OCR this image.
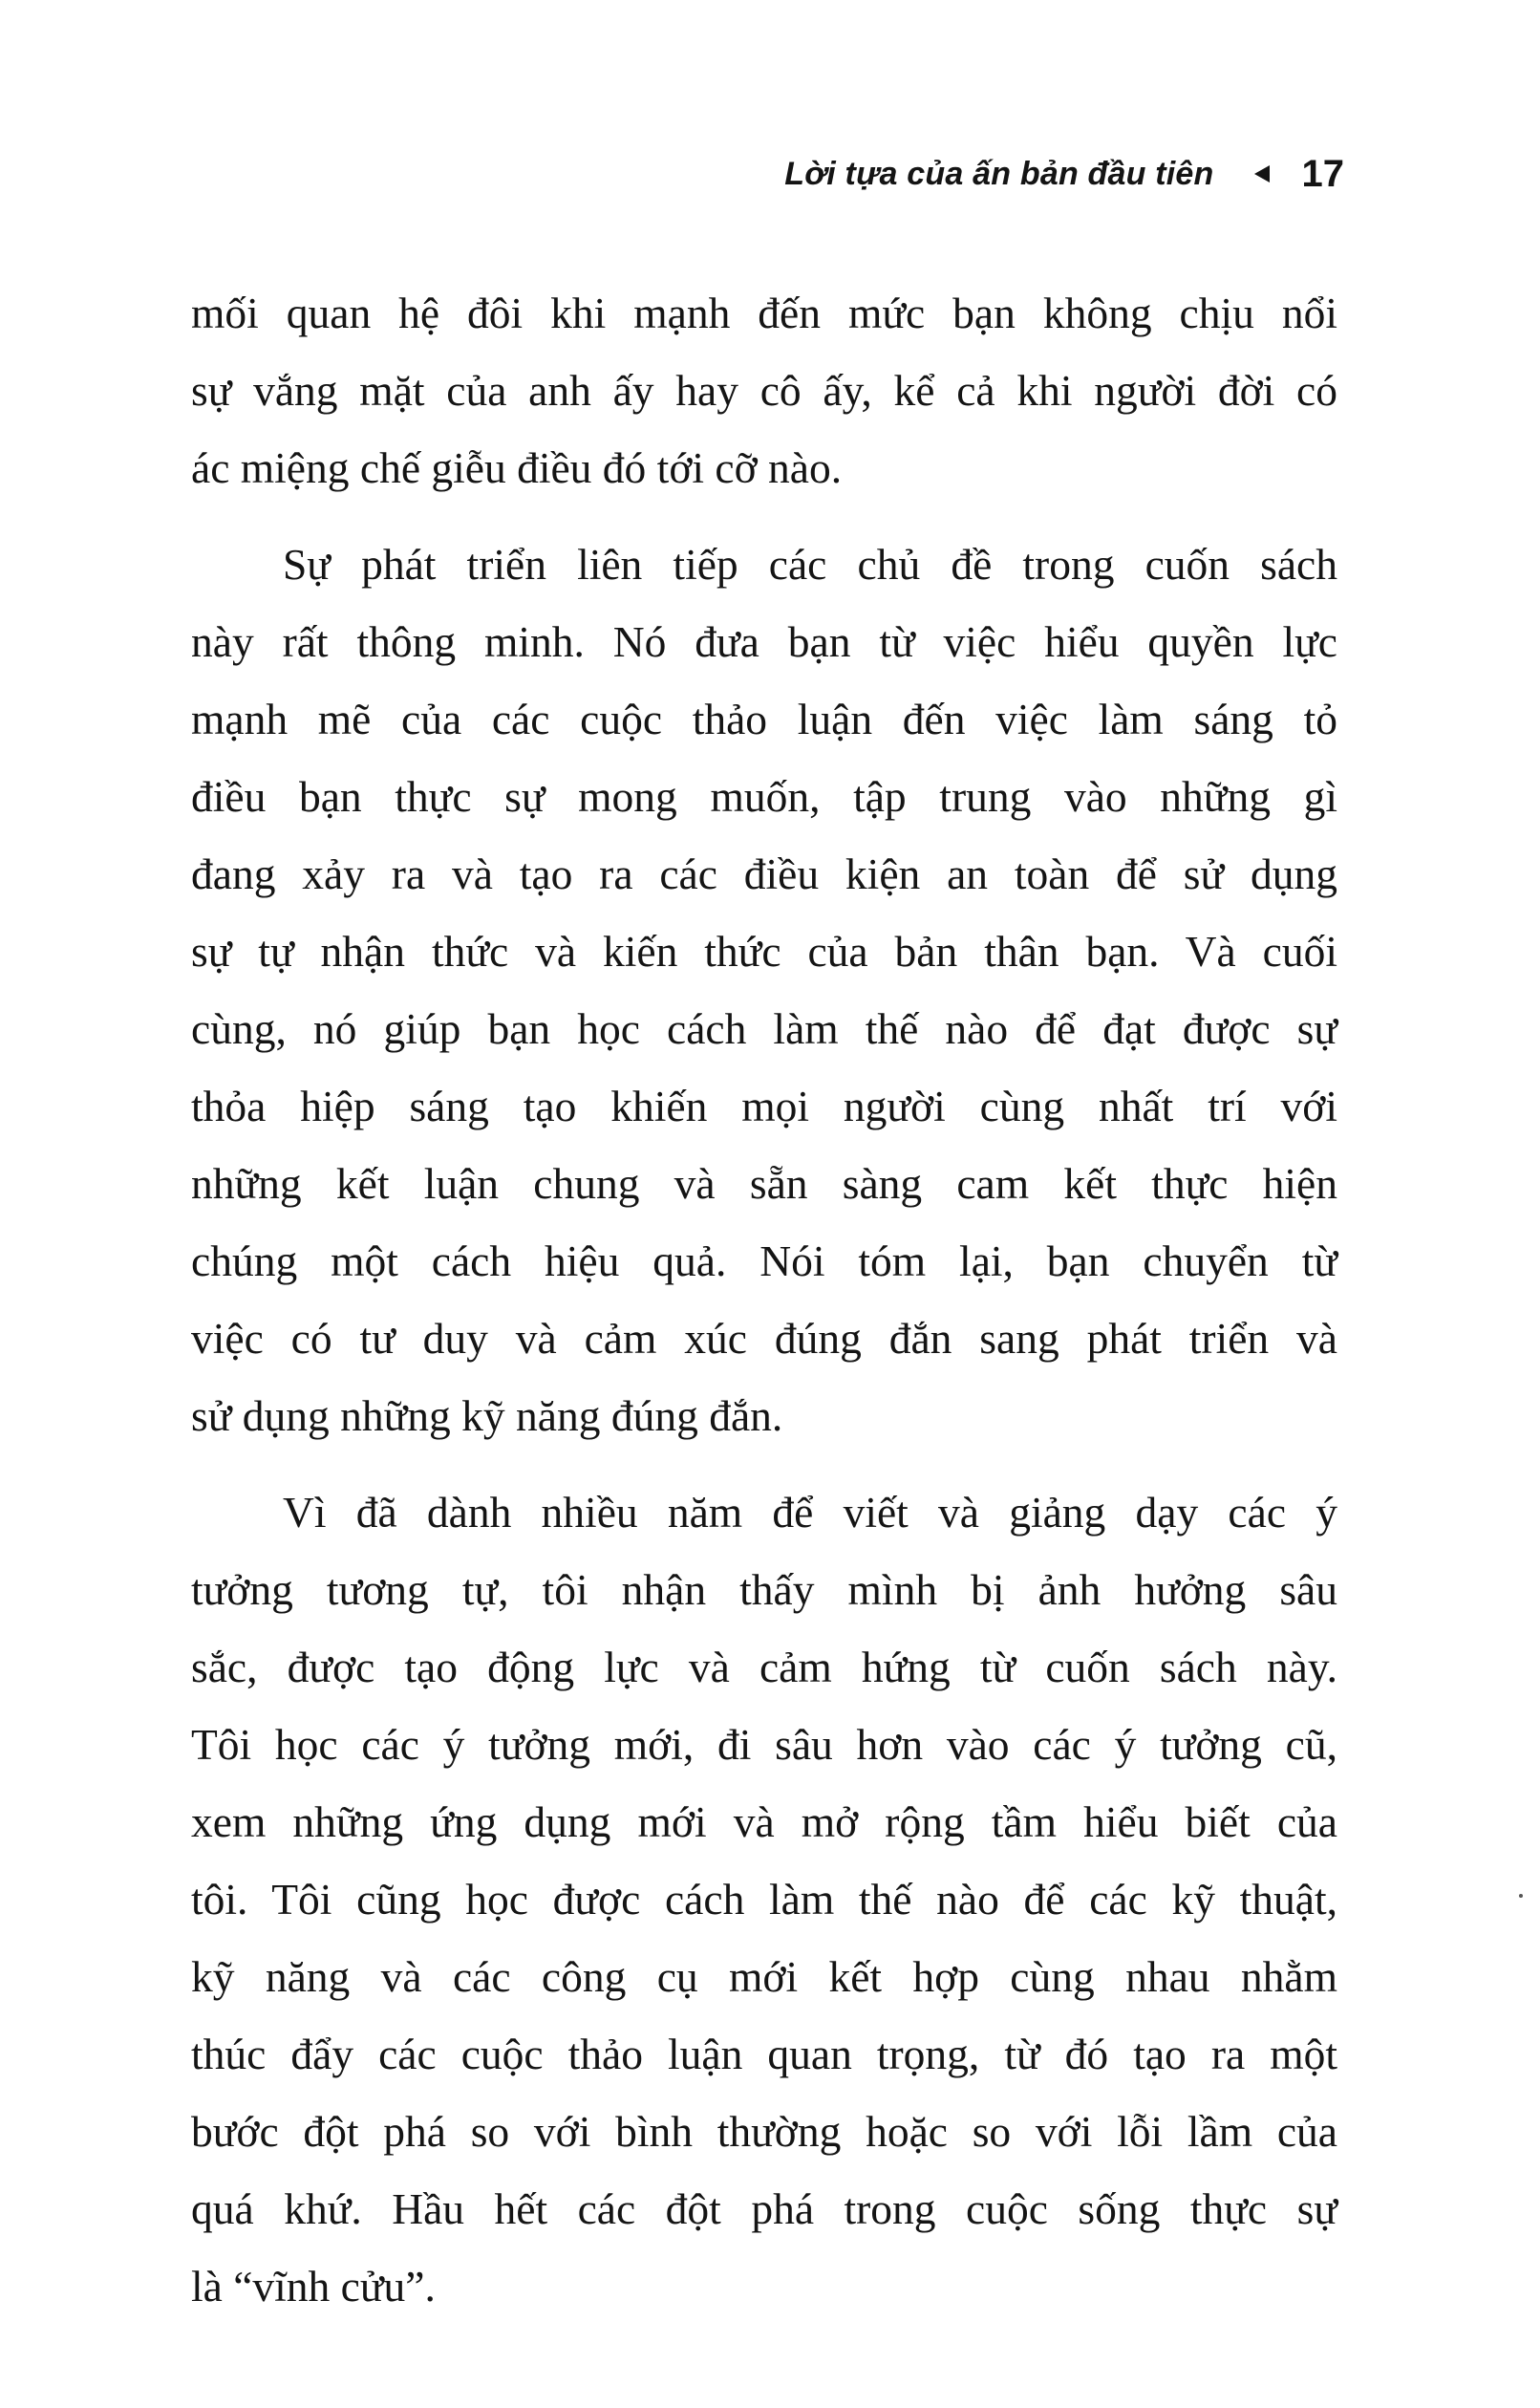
Lời tựa của ấn bản đầu tiên 17
mối quan hệ đôi khi mạnh đến mức bạn không chịu nổi
sự vắng mặt của anh ấy hay cô ấy, kể cả khi người đời có
ác miệng chế giễu điều đó tới cỡ nào.
Sự phát triển liên tiếp các chủ đề trong cuốn sách
này rất thông minh. Nó đưa bạn từ việc hiểu quyền lực
mạnh mẽ của các cuộc thảo luận đến việc làm sáng tỏ
điều bạn thực sự mong muốn, tập trung vào những gì
đang xảy ra và tạo ra các điều kiện an toàn để sử dụng
sự tự nhận thức và kiến thức của bản thân bạn. Và cuối
cùng, nó giúp bạn học cách làm thế nào để đạt được sự
thỏa hiệp sáng tạo khiến mọi người cùng nhất trí với
những kết luận chung và sẵn sàng cam kết thực hiện
chúng một cách hiệu quả. Nói tóm lại, bạn chuyển từ
việc có tư duy và cảm xúc đúng đắn sang phát triển và
sử dụng những kỹ năng đúng đắn.
Vì đã dành nhiều năm để viết và giảng dạy các ý
tưởng tương tự, tôi nhận thấy mình bị ảnh hưởng sâu
sắc, được tạo động lực và cảm hứng từ cuốn sách này.
Tôi học các ý tưởng mới, đi sâu hơn vào các ý tưởng cũ,
xem những ứng dụng mới và mở rộng tầm hiểu biết của
tôi. Tôi cũng học được cách làm thế nào để các kỹ thuật,
kỹ năng và các công cụ mới kết hợp cùng nhau nhằm
thúc đẩy các cuộc thảo luận quan trọng, từ đó tạo ra một
bước đột phá so với bình thường hoặc so với lỗi lầm của
quá khứ. Hầu hết các đột phá trong cuộc sống thực sự
là “vĩnh cửu”.
